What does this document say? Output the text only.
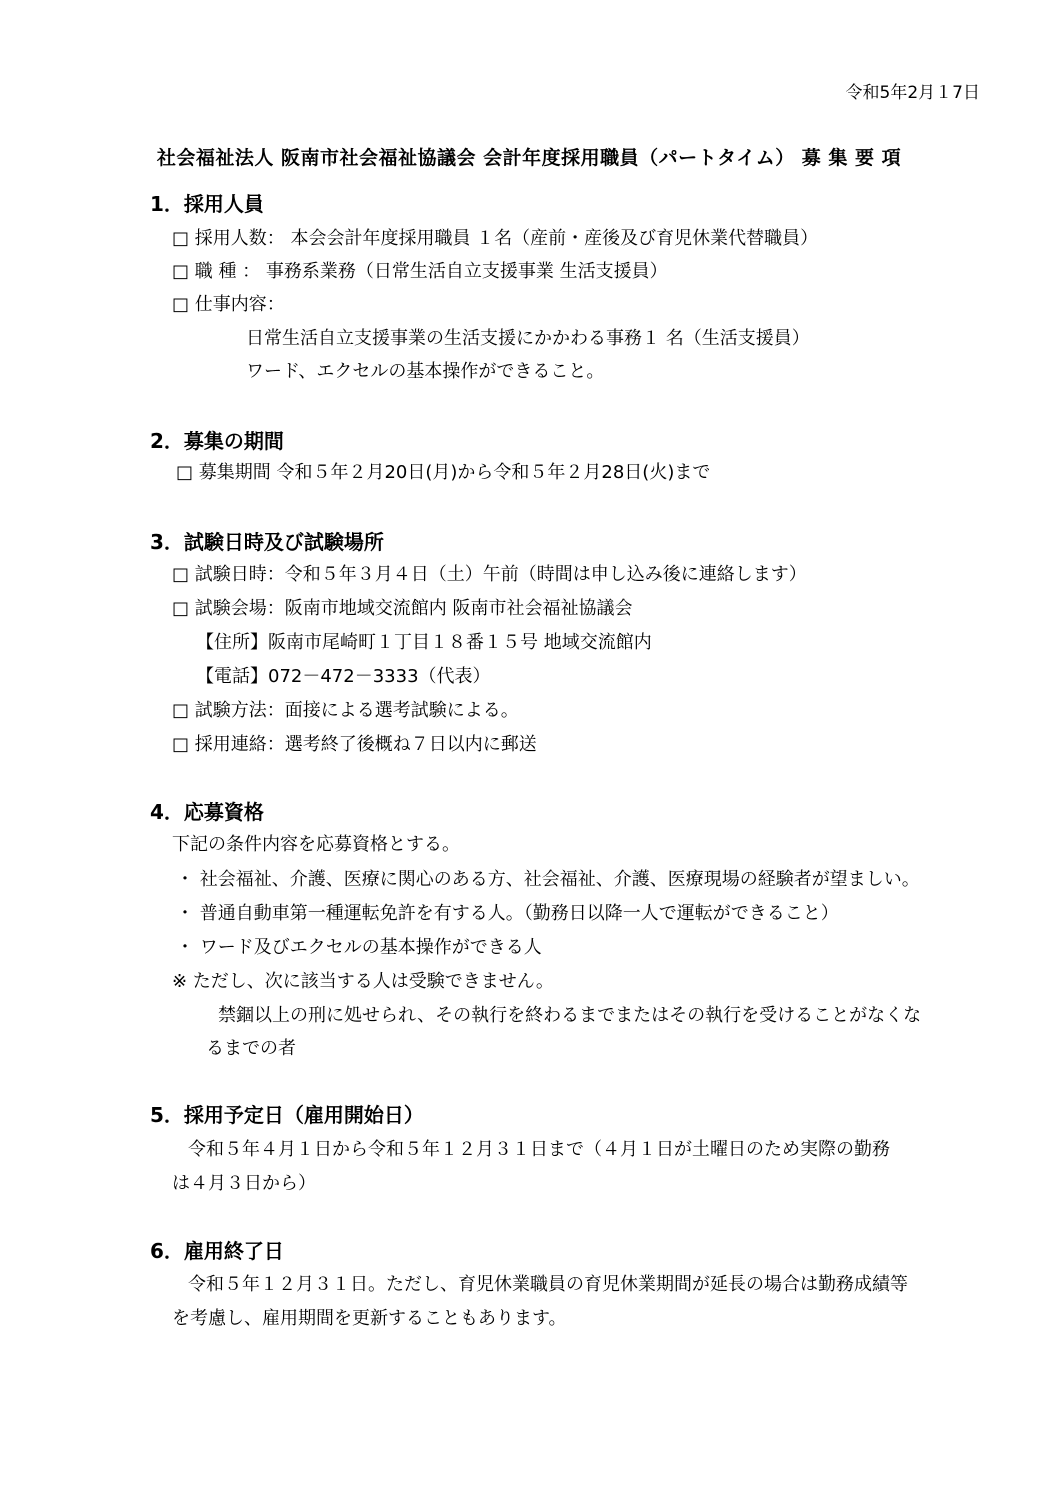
令和5年2月１7日
社会福祉法人 阪南市社会福祉協議会 会計年度採用職員（パートタイム） 募 集 要 項
1．採用人員
□ 採用人数： 本会会計年度採用職員 １名（産前・産後及び育児休業代替職員）
□ 職 種 ： 事務系業務（日常生活自立支援事業 生活支援員）
□ 仕事内容：
日常生活自立支援事業の生活支援にかかわる事務１ 名（生活支援員）
ワード、エクセルの基本操作ができること。
2．募集の期間
□ 募集期間 令和５年２月20日(月)から令和５年２月28日(火)まで
3．試験日時及び試験場所
□ 試験日時：令和５年３月４日（土）午前（時間は申し込み後に連絡します）
□ 試験会場：阪南市地域交流館内 阪南市社会福祉協議会
【住所】阪南市尾崎町１丁目１８番１５号 地域交流館内
【電話】072－472－3333（代表）
□ 試験方法：面接による選考試験による。
□ 採用連絡：選考終了後概ね７日以内に郵送
4．応募資格
下記の条件内容を応募資格とする。
・ 社会福祉、介護、医療に関心のある方、社会福祉、介護、医療現場の経験者が望ましい。
・ 普通自動車第一種運転免許を有する人。（勤務日以降一人で運転ができること）
・ ワード及びエクセルの基本操作ができる人
※ ただし、次に該当する人は受験できません。
禁錮以上の刑に処せられ、その執行を終わるまでまたはその執行を受けることがなくな
るまでの者
5．採用予定日（雇用開始日）
令和５年４月１日から令和５年１２月３１日まで（４月１日が土曜日のため実際の勤務
は４月３日から）
6．雇用終了日
令和５年１２月３１日。ただし、育児休業職員の育児休業期間が延長の場合は勤務成績等
を考慮し、雇用期間を更新することもあります。
